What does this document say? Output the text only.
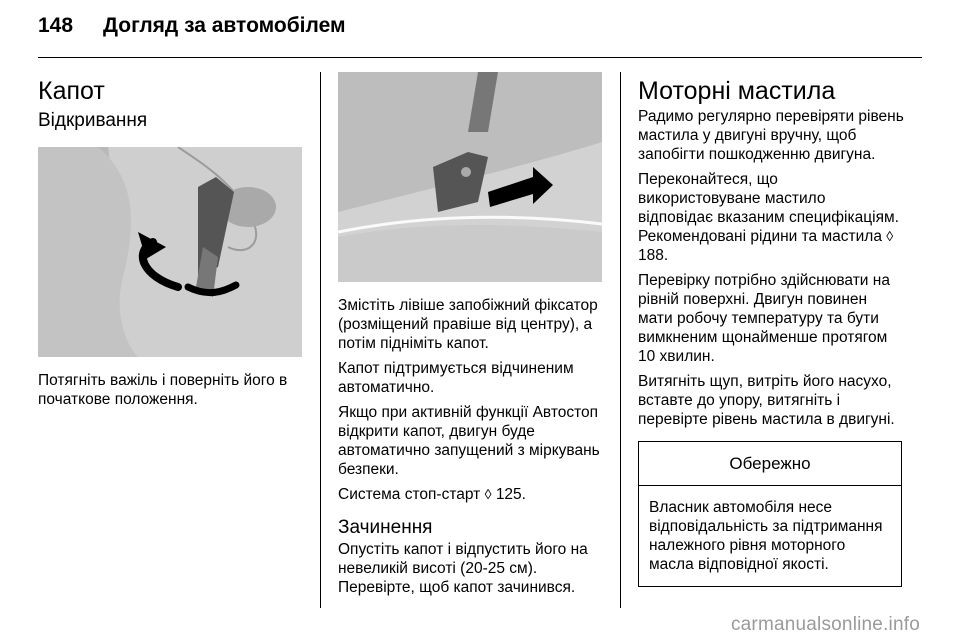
148 Догляд за автомобілем
Капот
Відкривання

Потягніть важіль і поверніть його в початкове положення.

Змістіть лівіше запобіжний фіксатор (розміщений правіше від центру), а потім підніміть капот.

Капот підтримується відчиненим автоматично.

Якщо при активній функції Автостоп відкрити капот, двигун буде автоматично запущений з міркувань безпеки.

Система стоп-старт ◊ 125.

Зачинення

Опустіть капот і відпустить його на невеликій висоті (20-25 см). Перевірте, щоб капот зачинився.

Моторні мастила

Радимо регулярно перевіряти рівень мастила у двигуні вручну, щоб запобігти пошкодженню двигуна.

Переконайтеся, що використовуване мастило відповідає вказаним специфікаціям. Рекомендовані рідини та мастила ◊ 188.

Перевірку потрібно здійснювати на рівній поверхні. Двигун повинен мати робочу температуру та бути вимкненим щонайменше протягом 10 хвилин.

Витягніть щуп, витріть його насухо, вставте до упору, витягніть і перевірте рівень мастила в двигуні.

Обережно
Власник автомобіля несе відповідальність за підтримання належного рівня моторного масла відповідної якості.
carmanualsonline.info
